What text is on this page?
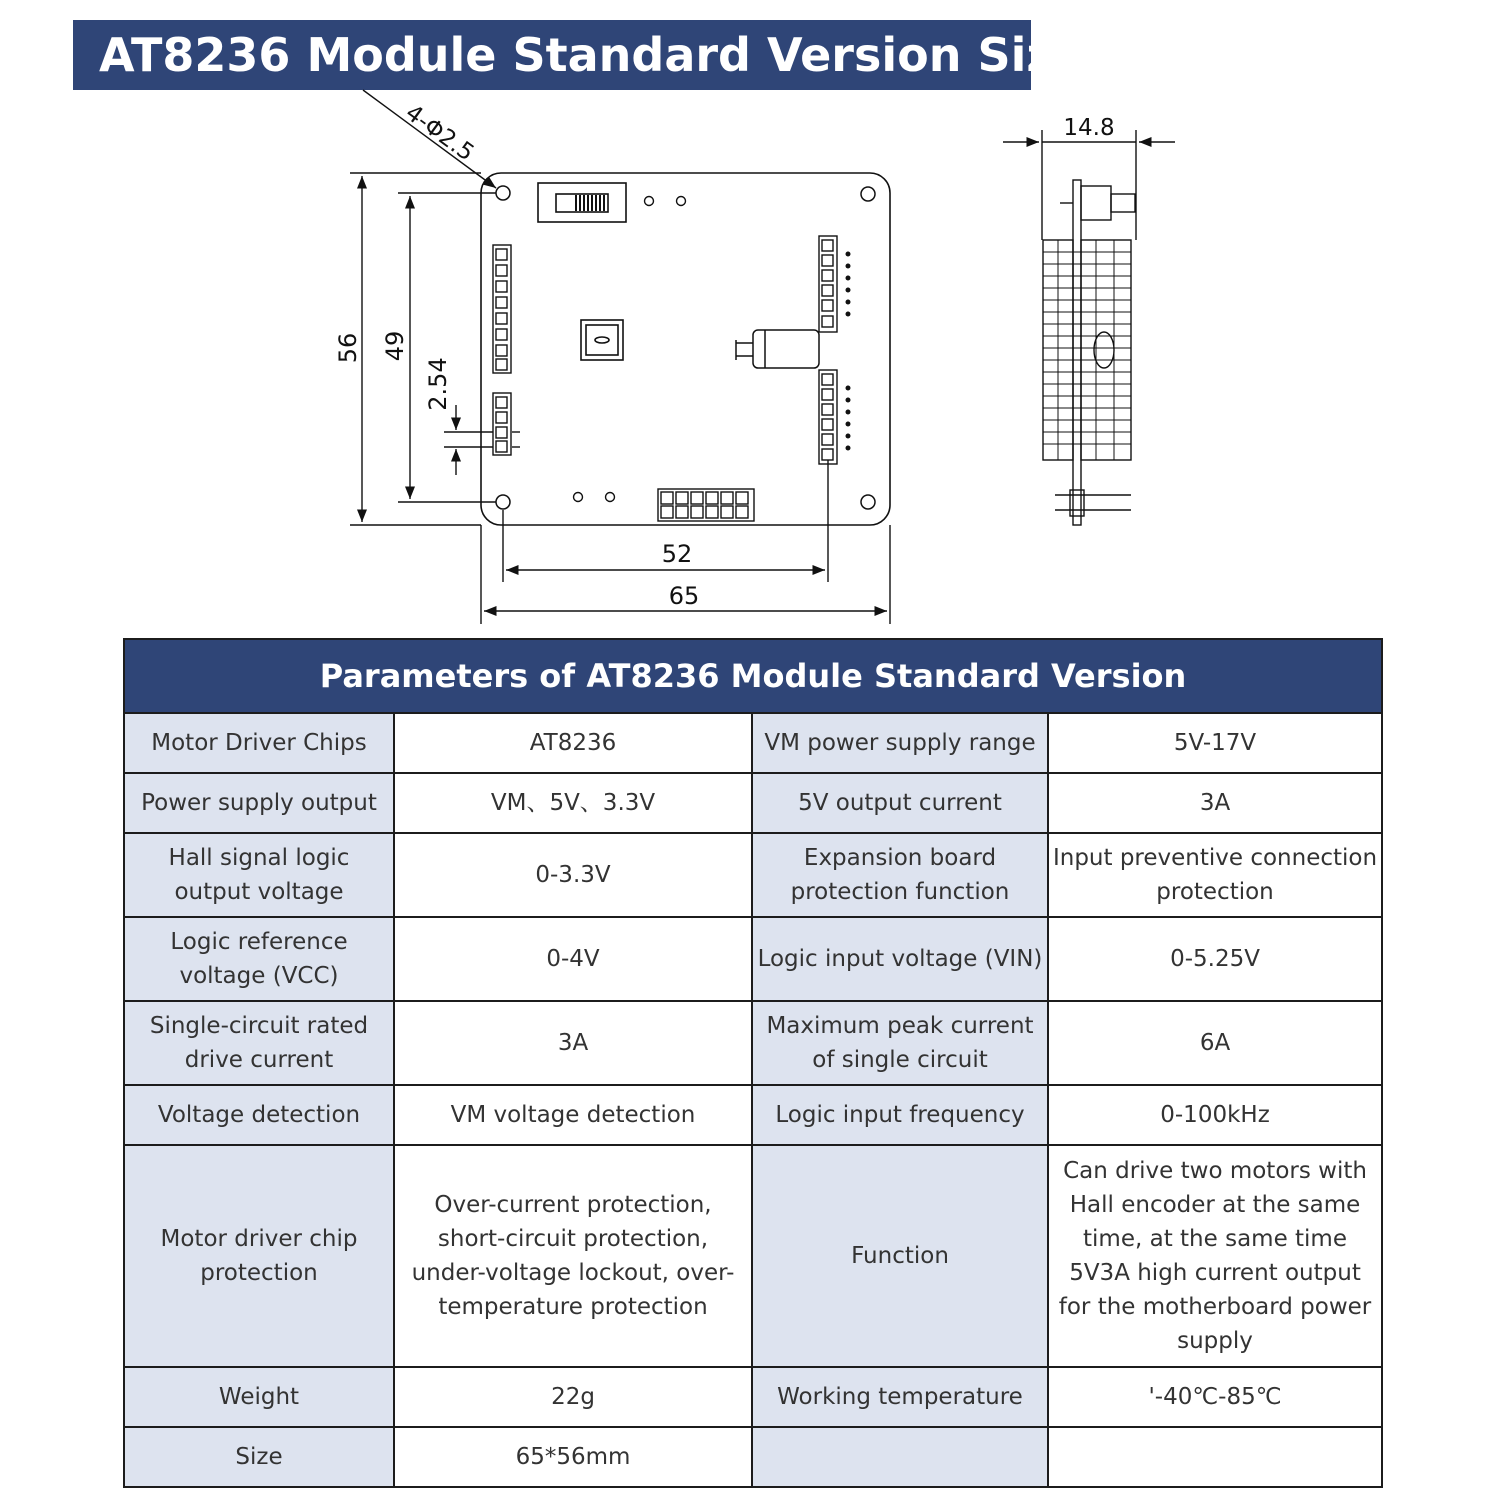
AT8236 Module Standard Version Size
4-Φ2.5
56 49
2.54
52
65
14.8
Parameters of AT8236 Module Standard Version			
Motor Driver Chips	AT8236	VM power supply range	5V-17V
Power supply output	VM、5V、3.3V	5V output current	3A
Hall signal logic output voltage	0-3.3V	Expansion board protection function	Input preventive connection protection
Logic reference voltage (VCC)	0-4V	Logic input voltage (VIN)	0-5.25V
Single-circuit rated drive current	3A	Maximum peak current of single circuit	6A
Voltage detection	VM voltage detection	Logic input frequency	0-100kHz
Motor driver chip protection	Over-current protection, short-circuit protection, under-voltage lockout, over-temperature protection	Function	Can drive two motors with Hall encoder at the same time, at the same time 5V3A high current output for the motherboard power supply
Weight	22g	Working temperature	'-40℃-85℃
Size	65*56mm		
